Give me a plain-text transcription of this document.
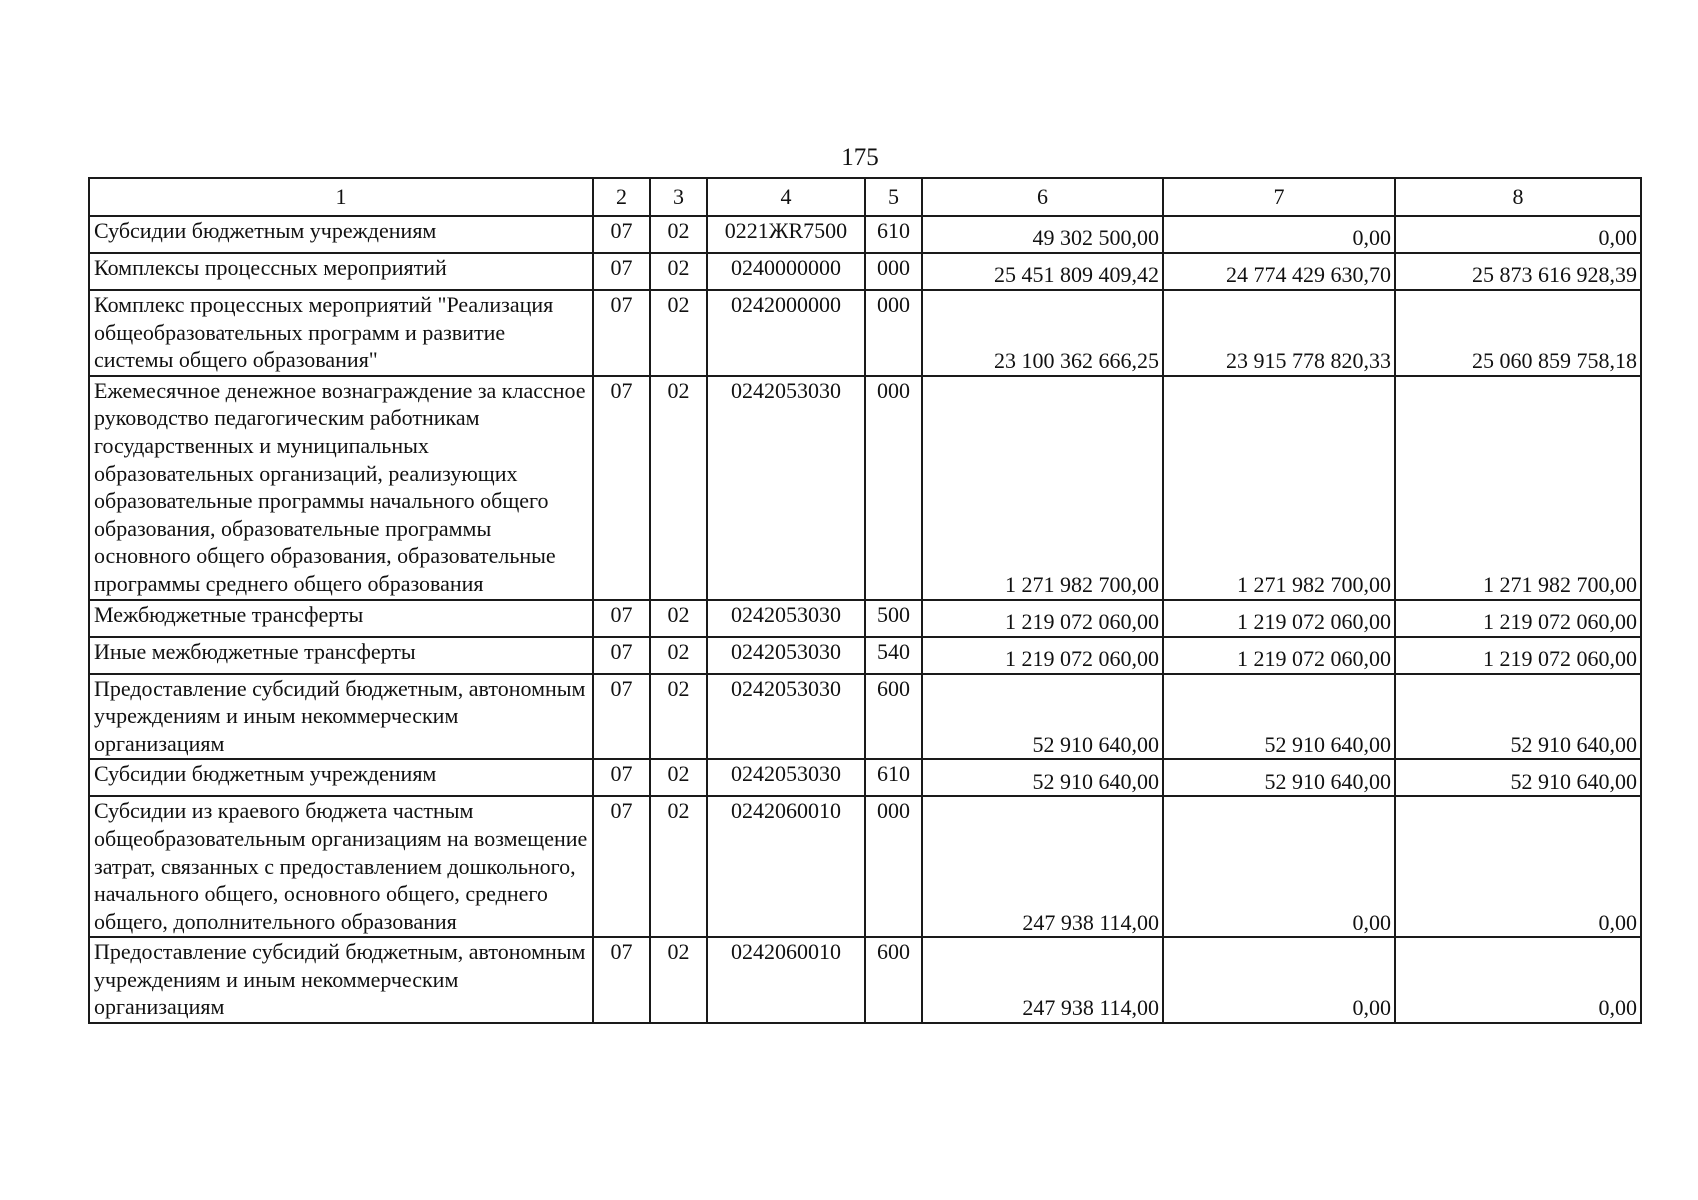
175
1	2	3	4	5	6	7	8
Субсидии бюджетным учреждениям	07	02	0221ЖR7500	610	49 302 500,00	0,00	0,00
Комплексы процессных мероприятий	07	02	0240000000	000	25 451 809 409,42	24 774 429 630,70	25 873 616 928,39
Комплекс процессных мероприятий "Реализация общеобразовательных программ и развитие системы общего образования"	07	02	0242000000	000	23 100 362 666,25	23 915 778 820,33	25 060 859 758,18
Ежемесячное денежное вознаграждение за классное руководство педагогическим работникам государственных и муниципальных образовательных организаций, реализующих образовательные программы начального общего образования, образовательные программы основного общего образования, образовательные программы среднего общего образования	07	02	0242053030	000	1 271 982 700,00	1 271 982 700,00	1 271 982 700,00
Межбюджетные трансферты	07	02	0242053030	500	1 219 072 060,00	1 219 072 060,00	1 219 072 060,00
Иные межбюджетные трансферты	07	02	0242053030	540	1 219 072 060,00	1 219 072 060,00	1 219 072 060,00
Предоставление субсидий бюджетным, автономным учреждениям и иным некоммерческим организациям	07	02	0242053030	600	52 910 640,00	52 910 640,00	52 910 640,00
Субсидии бюджетным учреждениям	07	02	0242053030	610	52 910 640,00	52 910 640,00	52 910 640,00
Субсидии из краевого бюджета частным общеобразовательным организациям на возмещение затрат, связанных с предоставлением дошкольного, начального общего, основного общего, среднего общего, дополнительного образования	07	02	0242060010	000	247 938 114,00	0,00	0,00
Предоставление субсидий бюджетным, автономным учреждениям и иным некоммерческим организациям	07	02	0242060010	600	247 938 114,00	0,00	0,00
